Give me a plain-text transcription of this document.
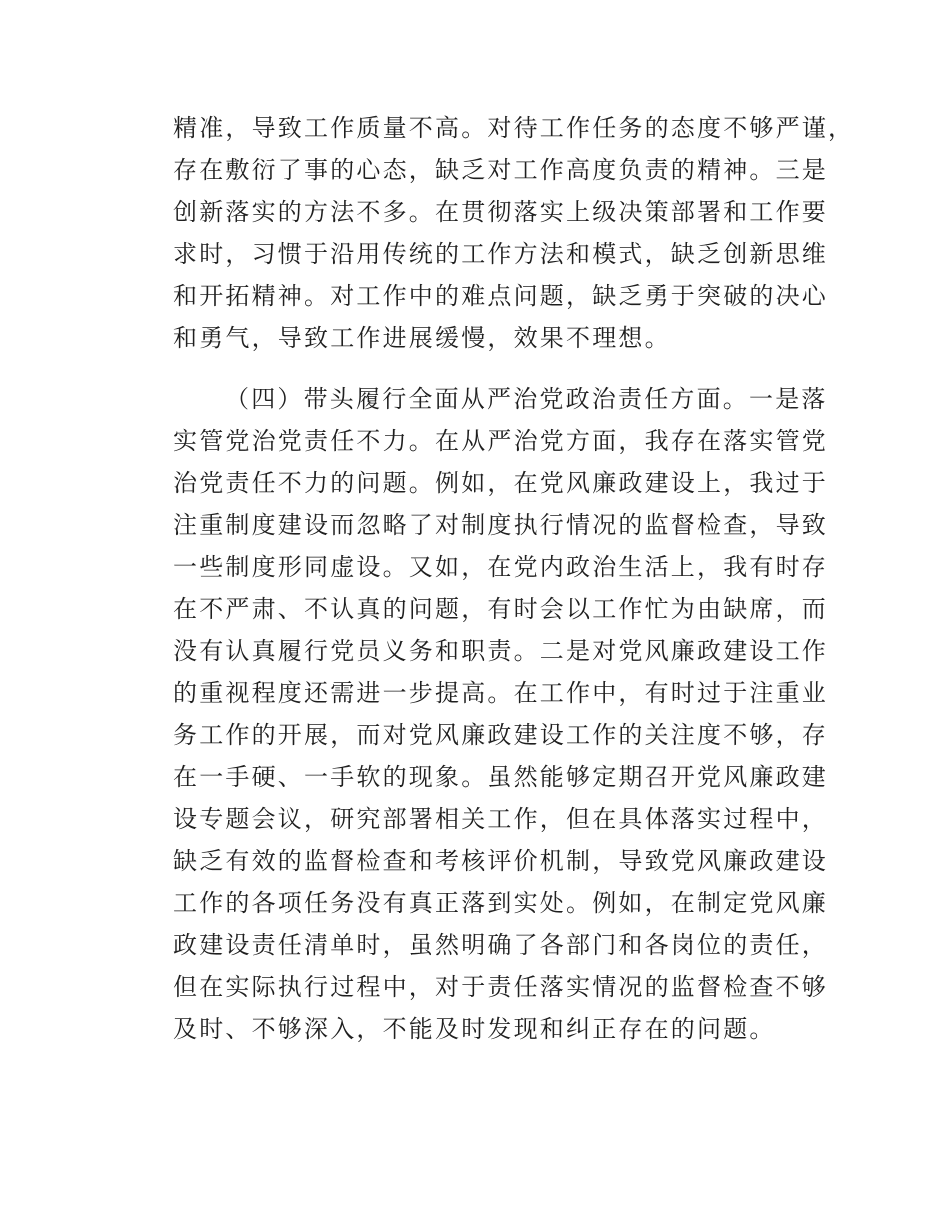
精准，导致工作质量不高。对待工作任务的态度不够严谨，

存在敷衍了事的心态，缺乏对工作高度负责的精神。三是

创新落实的方法不多。在贯彻落实上级决策部署和工作要

求时，习惯于沿用传统的工作方法和模式，缺乏创新思维

和开拓精神。对工作中的难点问题，缺乏勇于突破的决心

和勇气，导致工作进展缓慢，效果不理想。

（四）带头履行全面从严治党政治责任方面。一是落

实管党治党责任不力。在从严治党方面，我存在落实管党

治党责任不力的问题。例如，在党风廉政建设上，我过于

注重制度建设而忽略了对制度执行情况的监督检查，导致

一些制度形同虚设。又如，在党内政治生活上，我有时存

在不严肃、不认真的问题，有时会以工作忙为由缺席，而

没有认真履行党员义务和职责。二是对党风廉政建设工作

的重视程度还需进一步提高。在工作中，有时过于注重业

务工作的开展，而对党风廉政建设工作的关注度不够，存

在一手硬、一手软的现象。虽然能够定期召开党风廉政建

设专题会议，研究部署相关工作，但在具体落实过程中，

缺乏有效的监督检查和考核评价机制，导致党风廉政建设

工作的各项任务没有真正落到实处。例如，在制定党风廉

政建设责任清单时，虽然明确了各部门和各岗位的责任，

但在实际执行过程中，对于责任落实情况的监督检查不够

及时、不够深入，不能及时发现和纠正存在的问题。
